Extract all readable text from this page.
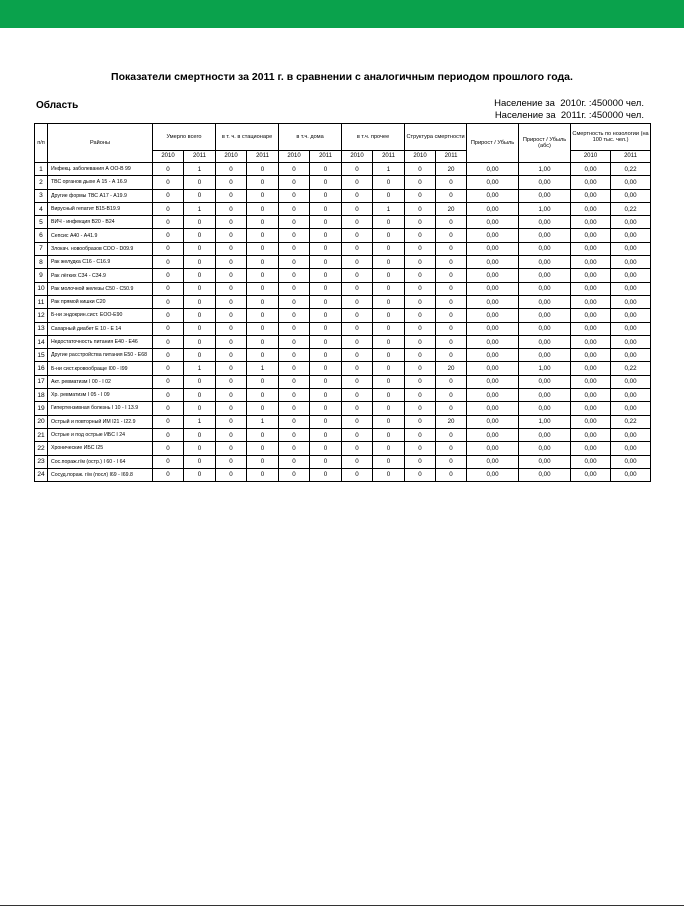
Показатели смертности за 2011 г. в сравнении с аналогичным периодом прошлого года.
Область	Население за  2010г. :450000 чел.
Население за  2011г. :450000 чел.
п/п	Районы	Умерло всего		в т. ч. в стационаре		в т.ч. дома		в т.ч. прочее		Структура смертности		Прирост / Убыль	Прирост / Убыль (абс)	Смертность по нозологии (на 100 тыс. чел.)	
		2010	2011	2010	2011	2010	2011	2010	2011	2010	2011			2010	2011
1	Инфекц. заболевания А ОО-В 99	0	1	0	0	0	0	0	1	0	20	0,00	1,00	0,00	0,22
2	ТВС органов дыхе А 15 - А 16.9	0	0	0	0	0	0	0	0	0	0	0,00	0,00	0,00	0,00
3	Другие формы ТВС А17 - А19.9	0	0	0	0	0	0	0	0	0	0	0,00	0,00	0,00	0,00
4	Вирусный гепатит В15-В19.9	0	1	0	0	0	0	0	1	0	20	0,00	1,00	0,00	0,22
5	ВИЧ - инфекция В20 - В24	0	0	0	0	0	0	0	0	0	0	0,00	0,00	0,00	0,00
6	Сепсис А40 - А41.9	0	0	0	0	0	0	0	0	0	0	0,00	0,00	0,00	0,00
7	Злокач. новообразов СОО - D09.9	0	0	0	0	0	0	0	0	0	0	0,00	0,00	0,00	0,00
8	Рак желудка С16 - С16.9	0	0	0	0	0	0	0	0	0	0	0,00	0,00	0,00	0,00
9	Рак лёгких С34 - С34.9	0	0	0	0	0	0	0	0	0	0	0,00	0,00	0,00	0,00
10	Рак молочной железы С50 - С50.9	0	0	0	0	0	0	0	0	0	0	0,00	0,00	0,00	0,00
11	Рак прямой кишки С20	0	0	0	0	0	0	0	0	0	0	0,00	0,00	0,00	0,00
12	Б-ни эндокрин.сист. ЕОО-Е90	0	0	0	0	0	0	0	0	0	0	0,00	0,00	0,00	0,00
13	Сахарный диабет Е 10 - Е 14	0	0	0	0	0	0	0	0	0	0	0,00	0,00	0,00	0,00
14	Недостаточность питания Е40 - Е46	0	0	0	0	0	0	0	0	0	0	0,00	0,00	0,00	0,00
15	Другие расстройства питания Е50 - Е68	0	0	0	0	0	0	0	0	0	0	0,00	0,00	0,00	0,00
16	Б-ни сист.кровообраще I00 - I99	0	1	0	1	0	0	0	0	0	20	0,00	1,00	0,00	0,22
17	Акт. ревматизм I 00 - I 02	0	0	0	0	0	0	0	0	0	0	0,00	0,00	0,00	0,00
18	Хр. ревматизм I 05 - I 09	0	0	0	0	0	0	0	0	0	0	0,00	0,00	0,00	0,00
19	Гипертензивная болезнь I 10 - I 13.9	0	0	0	0	0	0	0	0	0	0	0,00	0,00	0,00	0,00
20	Острый и повторный ИМ I21 - I22.9	0	1	0	1	0	0	0	0	0	20	0,00	1,00	0,00	0,22
21	Острые и под острые ИБС I 24	0	0	0	0	0	0	0	0	0	0	0,00	0,00	0,00	0,00
22	Хронические ИБС I25	0	0	0	0	0	0	0	0	0	0	0,00	0,00	0,00	0,00
23	Сос.пораж.г/м (остр.) I 60 - I 64	0	0	0	0	0	0	0	0	0	0	0,00	0,00	0,00	0,00
24	Сосуд.пораж. г/м (посл) I69 - I69.8	0	0	0	0	0	0	0	0	0	0	0,00	0,00	0,00	0,00
